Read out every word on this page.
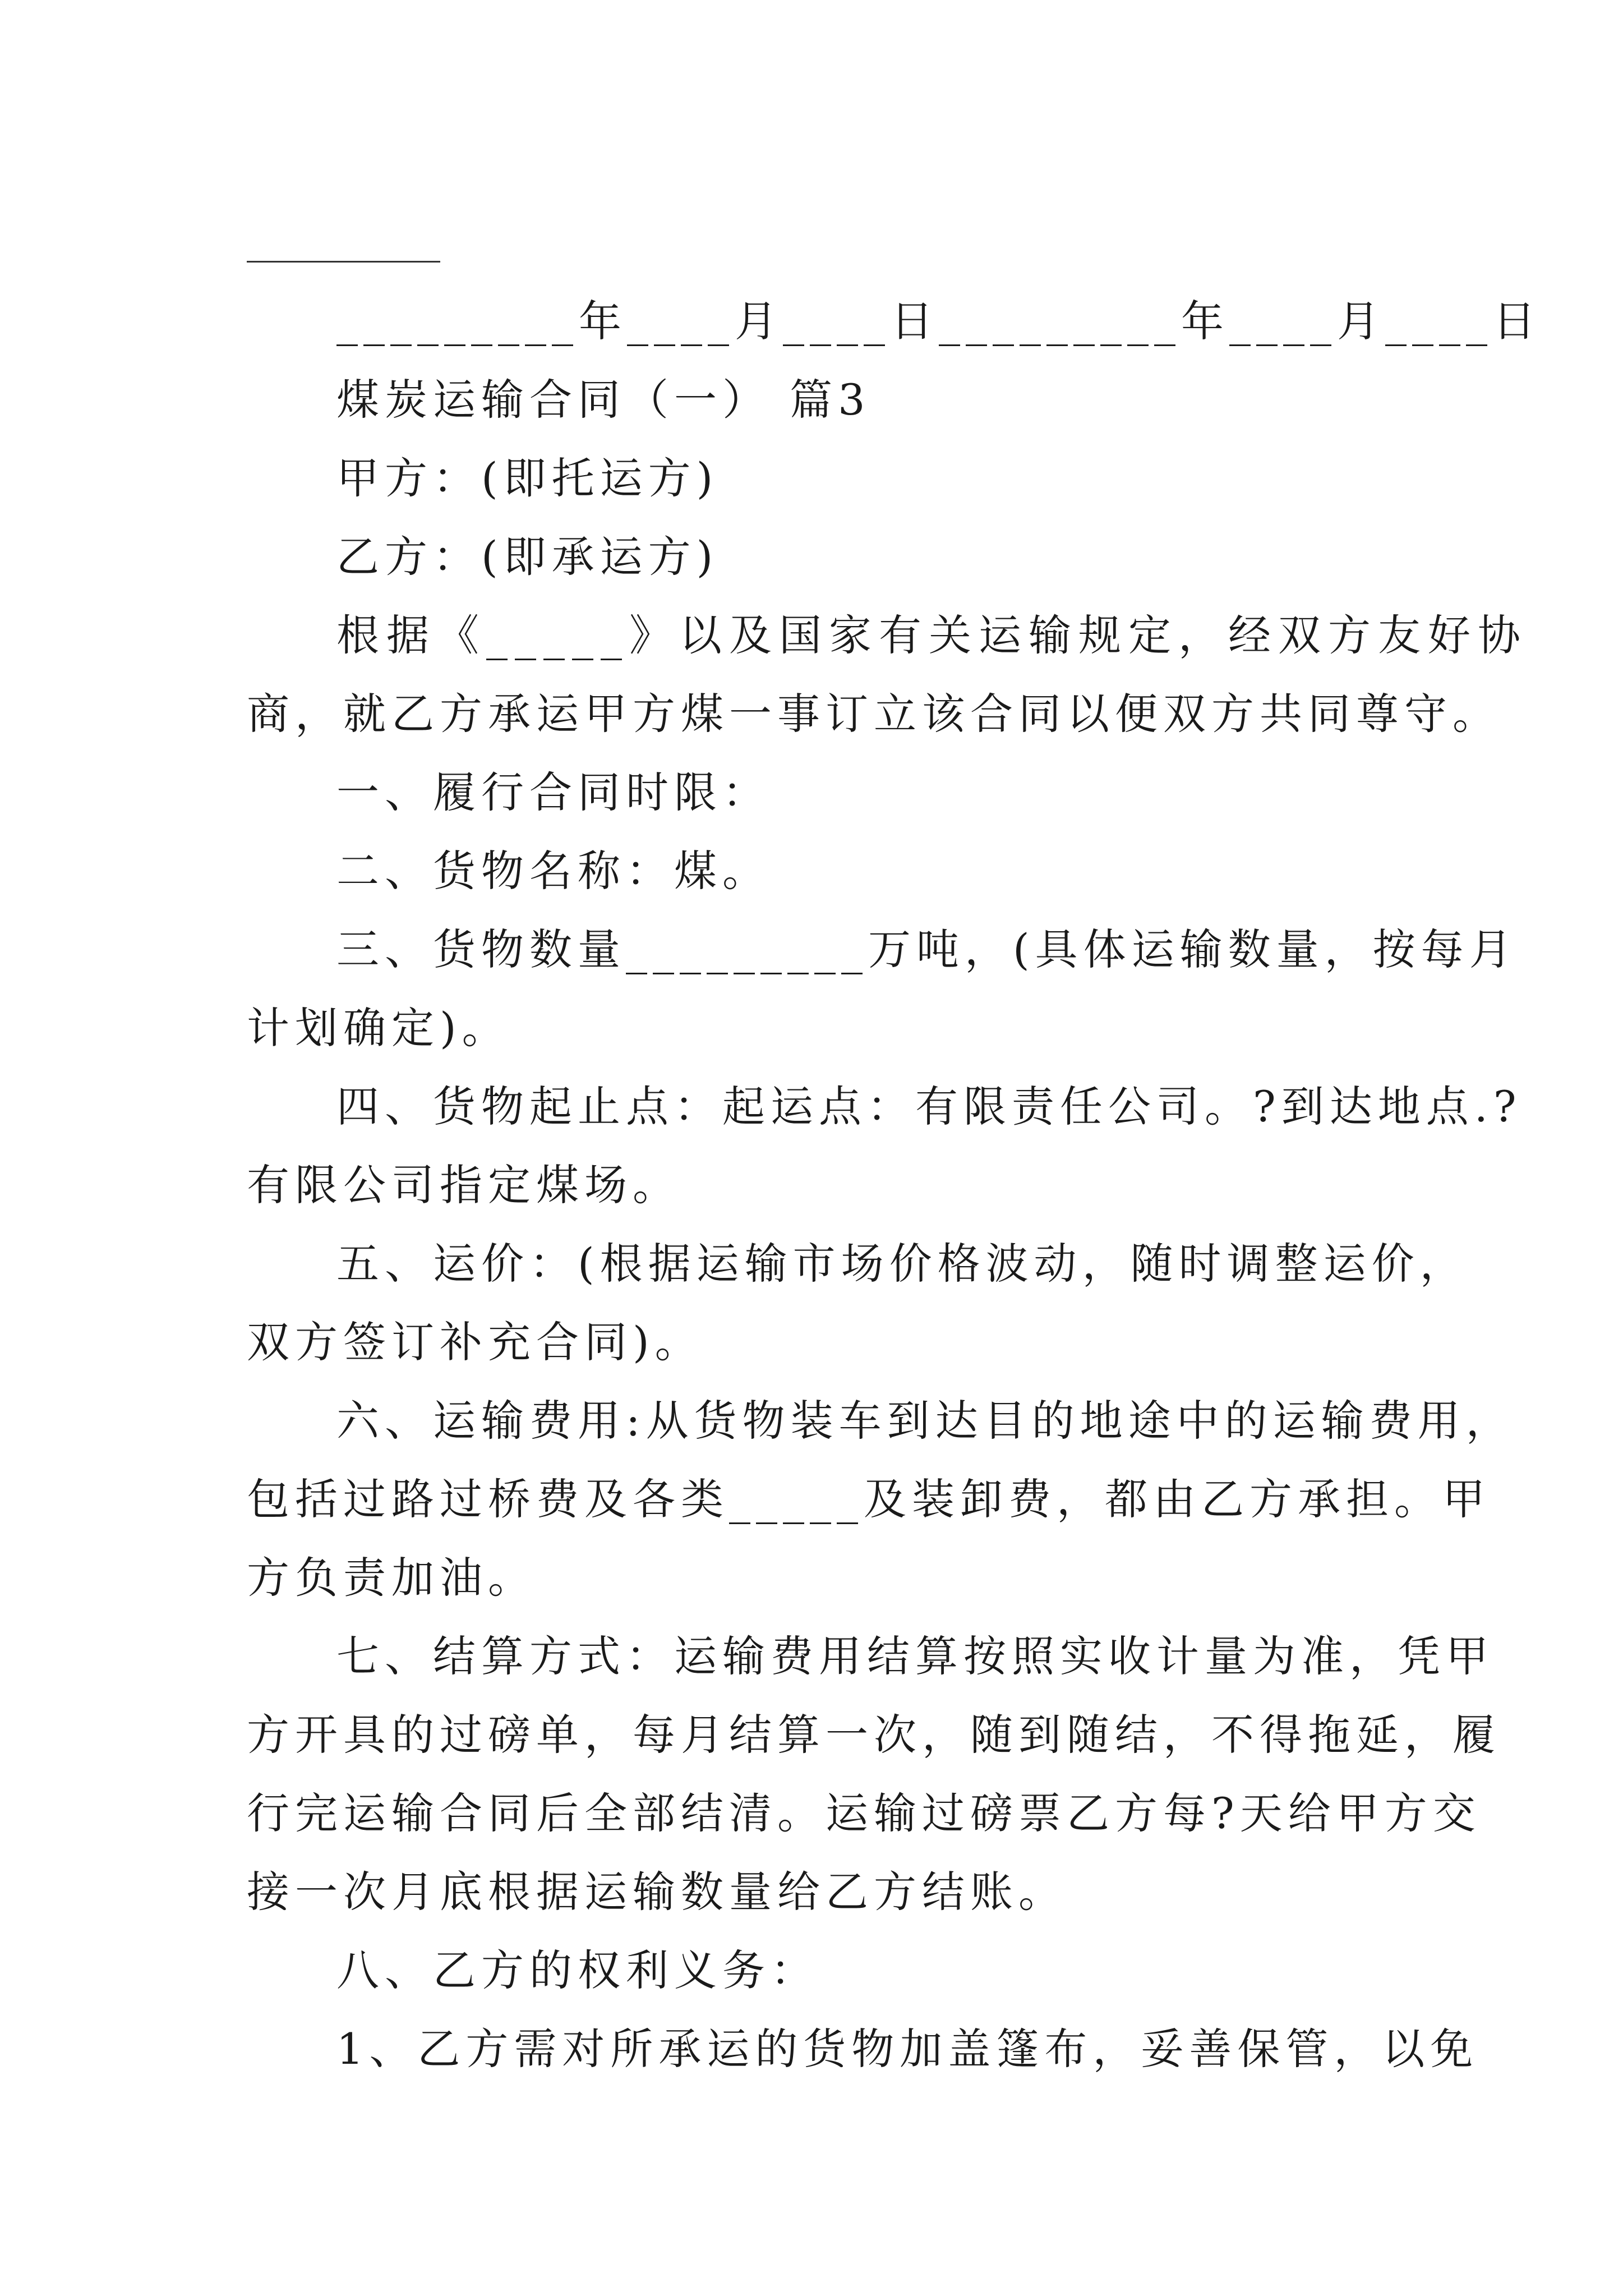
_________年____月____日_________年____月____日
煤炭运输合同（一） 篇3
甲方：(即托运方)
乙方：(即承运方)
根据《_____》以及国家有关运输规定，经双方友好协
商，就乙方承运甲方煤一事订立该合同以便双方共同尊守。
一、履行合同时限：
二、货物名称：煤。
三、货物数量_________万吨，(具体运输数量，按每月
计划确定)。
四、货物起止点：起运点：有限责任公司。?到达地点.?
有限公司指定煤场。
五、运价：(根据运输市场价格波动，随时调整运价，
双方签订补充合同)。
六、运输费用:从货物装车到达目的地途中的运输费用，
包括过路过桥费及各类_____及装卸费，都由乙方承担。甲
方负责加油。
七、结算方式：运输费用结算按照实收计量为准，凭甲
方开具的过磅单，每月结算一次，随到随结，不得拖延，履
行完运输合同后全部结清。运输过磅票乙方每?天给甲方交
接一次月底根据运输数量给乙方结账。
八、乙方的权利义务：
1、乙方需对所承运的货物加盖篷布，妥善保管，以免
